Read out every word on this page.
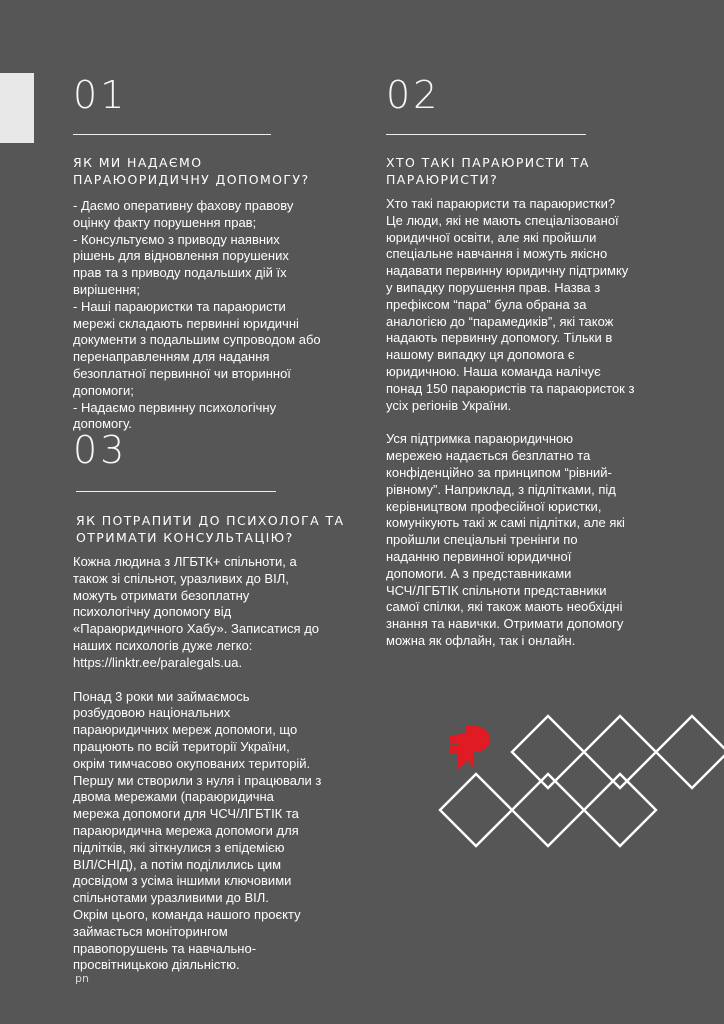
01
ЯК МИ НАДАЄМО
ПАРАЮОРИДИЧНУ ДОПОМОГУ?

- Даємо оперативну фахову правову

оцінку факту порушення прав;

- Консультуємо з приводу наявних

рішень для відновлення порушених

прав та з приводу подальших дій їх

вирішення;

- Наші параюристки та параюристи

мережі складають первинні юридичні

документи з подальшим супроводом або

перенаправленням для надання

безоплатної первинної чи вторинної

допомоги;

- Надаємо первинну психологічну

допомогу.

02
ХТО ТАКІ ПАРАЮРИСТИ ТА
ПАРАЮРИСТИ?

Хто такі параюристи та параюристки?

Це люди, які не мають спеціалізованої

юридичної освіти, але які пройшли

спеціальне навчання і можуть якісно

надавати первинну юридичну підтримку

у випадку порушення прав. Назва з

префіксом “пара” була обрана за

аналогією до “парамедиків”, які також

надають первинну допомогу. Тільки в

нашому випадку ця допомога є

юридичною. Наша команда налічує

понад 150 параюристів та параюристок з

усіх регіонів України.

Уся підтримка параюридичною

мережею надається безплатно та

конфіденційно за принципом “рівний-

рівному”. Наприклад, з підлітками, під

керівництвом професійної юристки,

комунікують такі ж самі підлітки, але які

пройшли спеціальні тренінги по

наданню первинної юридичної

допомоги. А з представниками

ЧСЧ/ЛГБТІК спільноти представники

самої спілки, які також мають необхідні

знання та навички. Отримати допомогу

можна як офлайн, так і онлайн.

03
ЯК ПОТРАПИТИ ДО ПСИХОЛОГА ТА
ОТРИМАТИ КОНСУЛЬТАЦІЮ?

Кожна людина з ЛГБТК+ спільноти, а

також зі спільнот, уразливих до ВІЛ,

можуть отримати безоплатну

психологічну допомогу від

«Параюридичного Хабу». Записатися до

наших психологів дуже легко:

https://linktr.ee/paralegals.ua.

Понад 3 роки ми займаємось

розбудовою національних

параюридичних мереж допомоги, що

працюють по всій території України,

окрім тимчасово окупованих територій.

Першу ми створили з нуля і працювали з

двома мережами (параюридична

мережа допомоги для ЧСЧ/ЛГБТІК та

параюридична мережа допомоги для

підлітків, які зіткнулися з епідемією

ВІЛ/СНІД), а потім поділились цим

досвідом з усіма іншими ключовими

спільнотами уразливими до ВІЛ.

Окрім цього, команда нашого проєкту

займається моніторингом

правопорушень та навчально-

просвітницькою діяльністю.

pn
